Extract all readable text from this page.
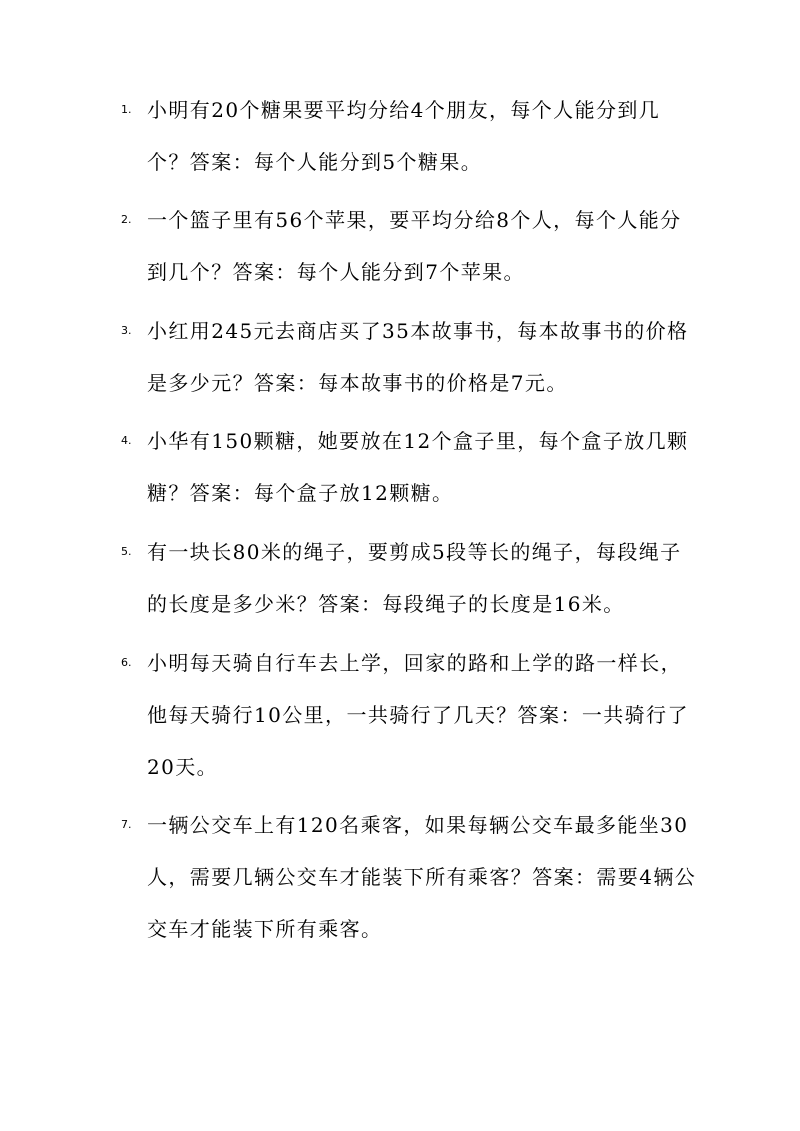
1. 小明有20个糖果要平均分给4个朋友，每个人能分到几个？答案：每个人能分到5个糖果。

2. 一个篮子里有56个苹果，要平均分给8个人，每个人能分到几个？答案：每个人能分到7个苹果。

3. 小红用245元去商店买了35本故事书，每本故事书的价格是多少元？答案：每本故事书的价格是7元。

4. 小华有150颗糖，她要放在12个盒子里，每个盒子放几颗糖？答案：每个盒子放12颗糖。

5. 有一块长80米的绳子，要剪成5段等长的绳子，每段绳子的长度是多少米？答案：每段绳子的长度是16米。

6. 小明每天骑自行车去上学，回家的路和上学的路一样长，他每天骑行10公里，一共骑行了几天？答案：一共骑行了20天。

7. 一辆公交车上有120名乘客，如果每辆公交车最多能坐30人，需要几辆公交车才能装下所有乘客？答案：需要4辆公交车才能装下所有乘客。
